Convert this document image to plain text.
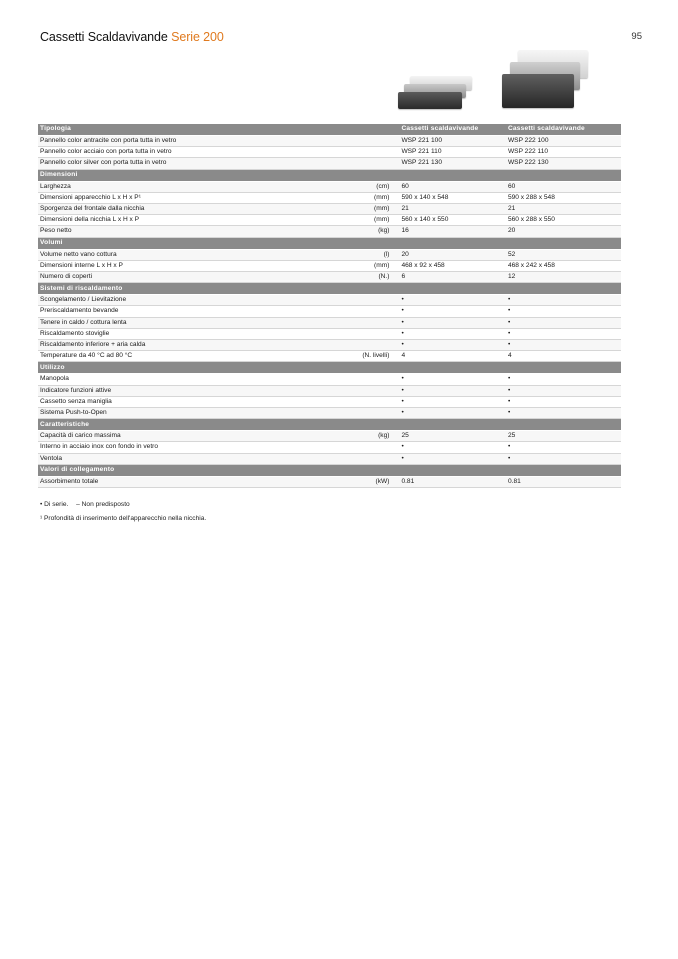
Cassetti Scaldavivande Serie 200	95
Tipologia		Cassetti scaldavivande	Cassetti scaldavivande
Pannello color antracite con porta tutta in vetro		WSP 221 100	WSP 222 100
Pannello color acciaio con porta tutta in vetro		WSP 221 110	WSP 222 110
Pannello color silver con porta tutta in vetro		WSP 221 130	WSP 222 130
Dimensioni			
Larghezza	(cm)	60	60
Dimensioni apparecchio L x H x P¹	(mm)	590 x 140 x 548	590 x 288 x 548
Sporgenza del frontale dalla nicchia	(mm)	21	21
Dimensioni della nicchia L x H x P	(mm)	560 x 140 x 550	560 x 288 x 550
Peso netto	(kg)	16	20
Volumi			
Volume netto vano cottura	(l)	20	52
Dimensioni interne L x H x P	(mm)	468 x 92 x 458	468 x 242 x 458
Numero di coperti	(N.)	6	12
Sistemi di riscaldamento			
Scongelamento / Lievitazione		•	•
Preriscaldamento bevande		•	•
Tenere in caldo / cottura lenta		•	•
Riscaldamento stoviglie		•	•
Riscaldamento inferiore + aria calda		•	•
Temperature da 40 °C ad 80 °C	(N. livelli)	4	4
Utilizzo			
Manopola		•	•
Indicatore funzioni attive		•	•
Cassetto senza maniglia		•	•
Sistema Push-to-Open		•	•
Caratteristiche			
Capacità di carico massima	(kg)	25	25
Interno in acciaio inox con fondo in vetro		•	•
Ventola		•	•
Valori di collegamento			
Assorbimento totale	(kW)	0.81	0.81
• Di serie. – Non predisposto
¹ Profondità di inserimento dell'apparecchio nella nicchia.
